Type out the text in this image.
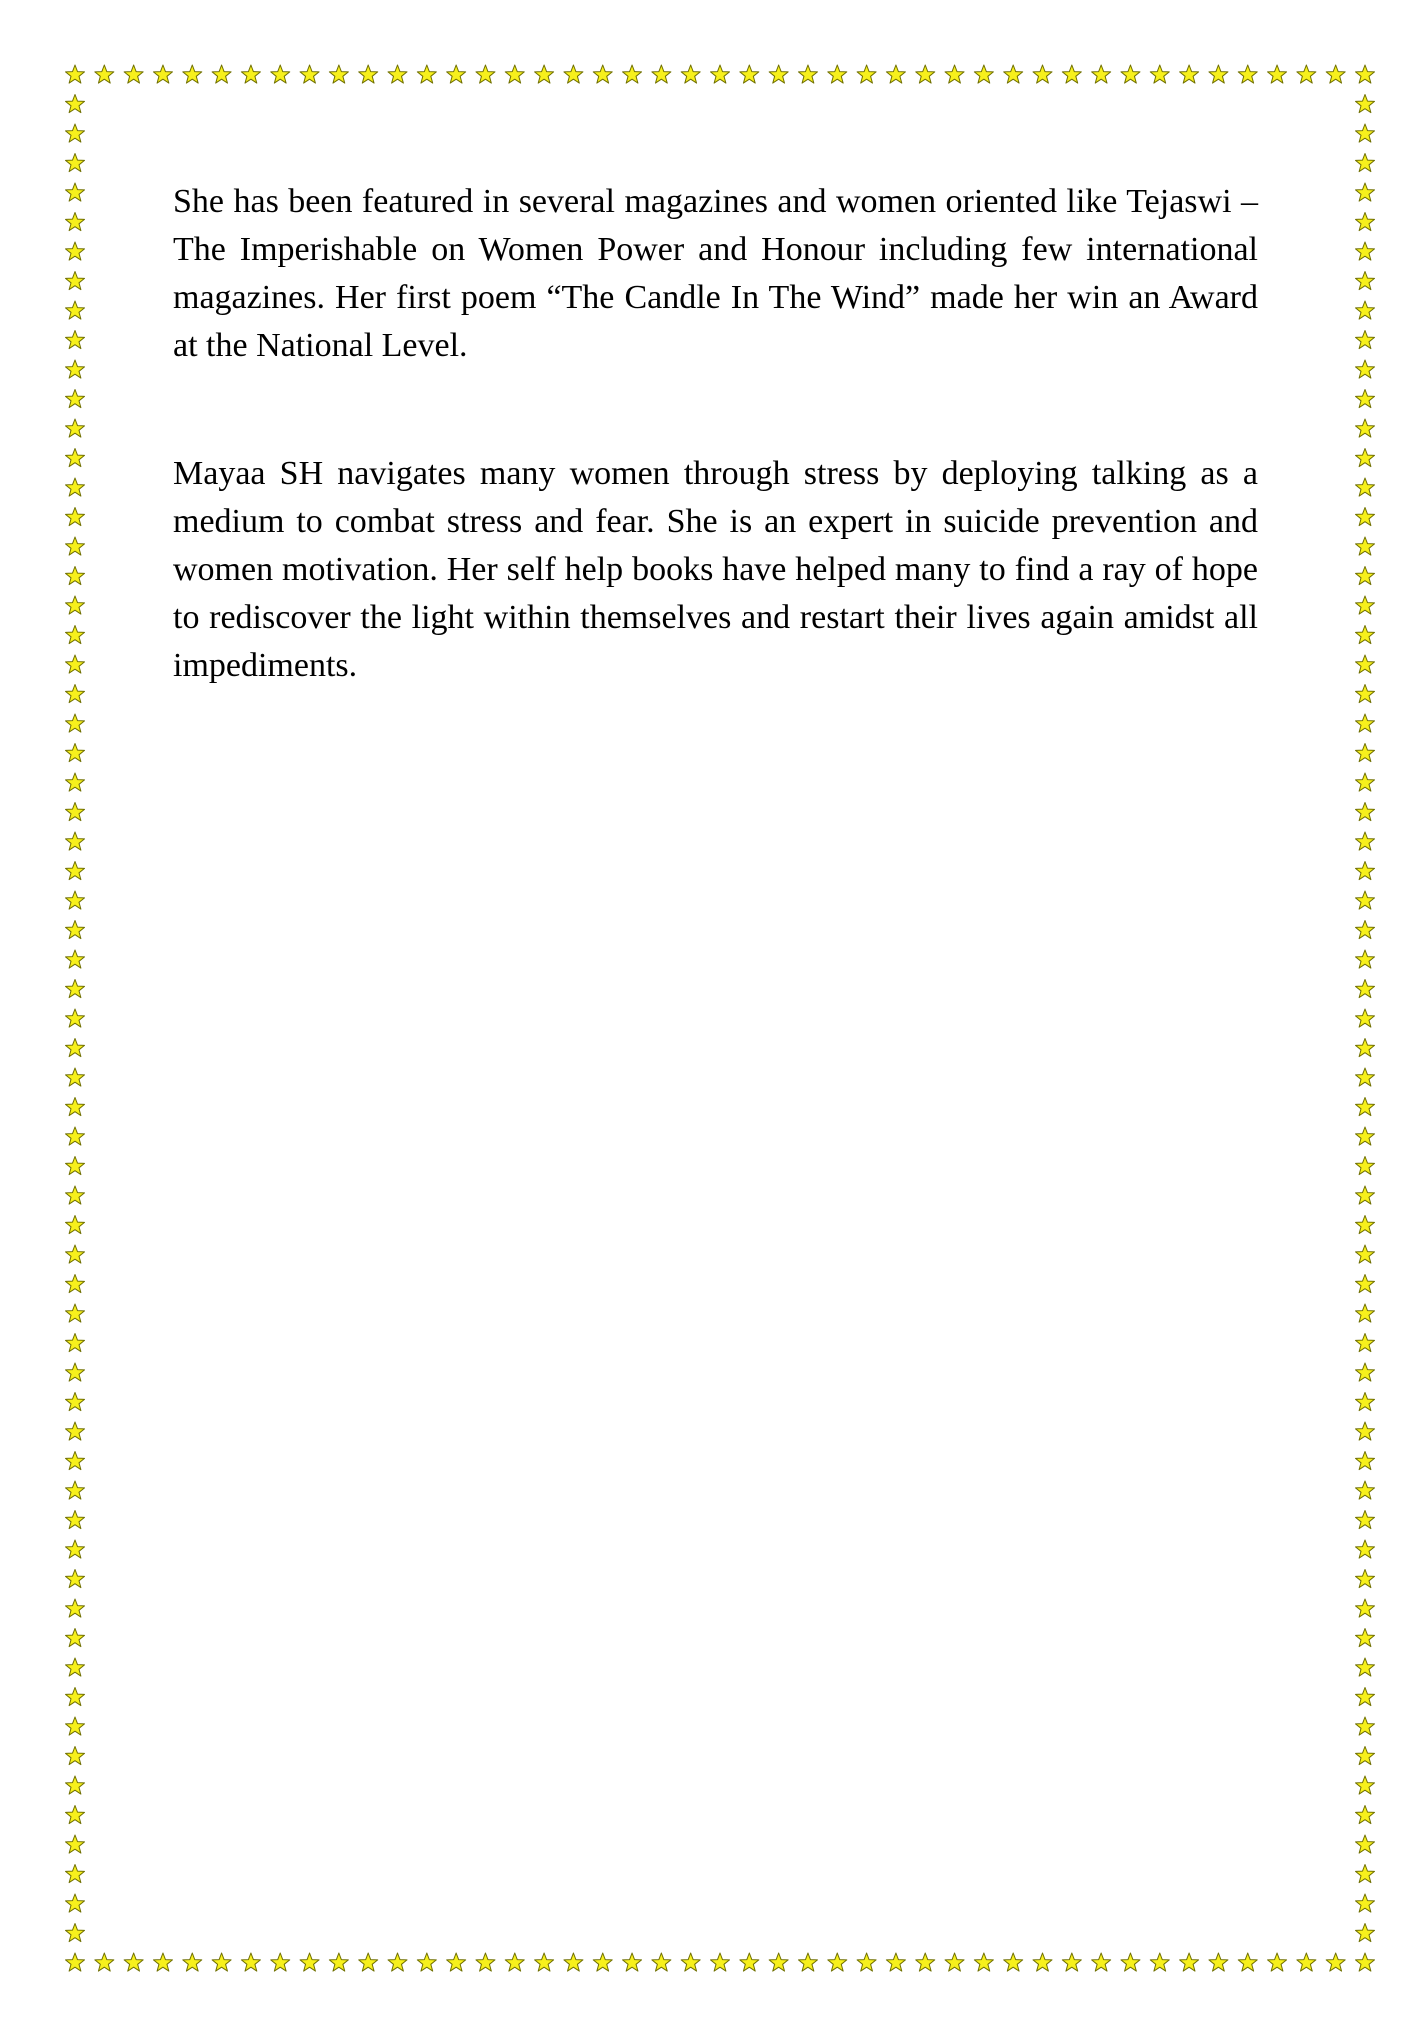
She has been featured in several magazines and women oriented like Tejaswi – The Imperishable on Women Power and Honour including few international magazines. Her first poem “The Candle In The Wind” made her win an Award at the National Level.

Mayaa SH navigates many women through stress by deploying talking as a medium to combat stress and fear. She is an expert in suicide prevention and women motivation. Her self help books have helped many to find a ray of hope to rediscover the light within themselves and restart their lives again amidst all impediments.
